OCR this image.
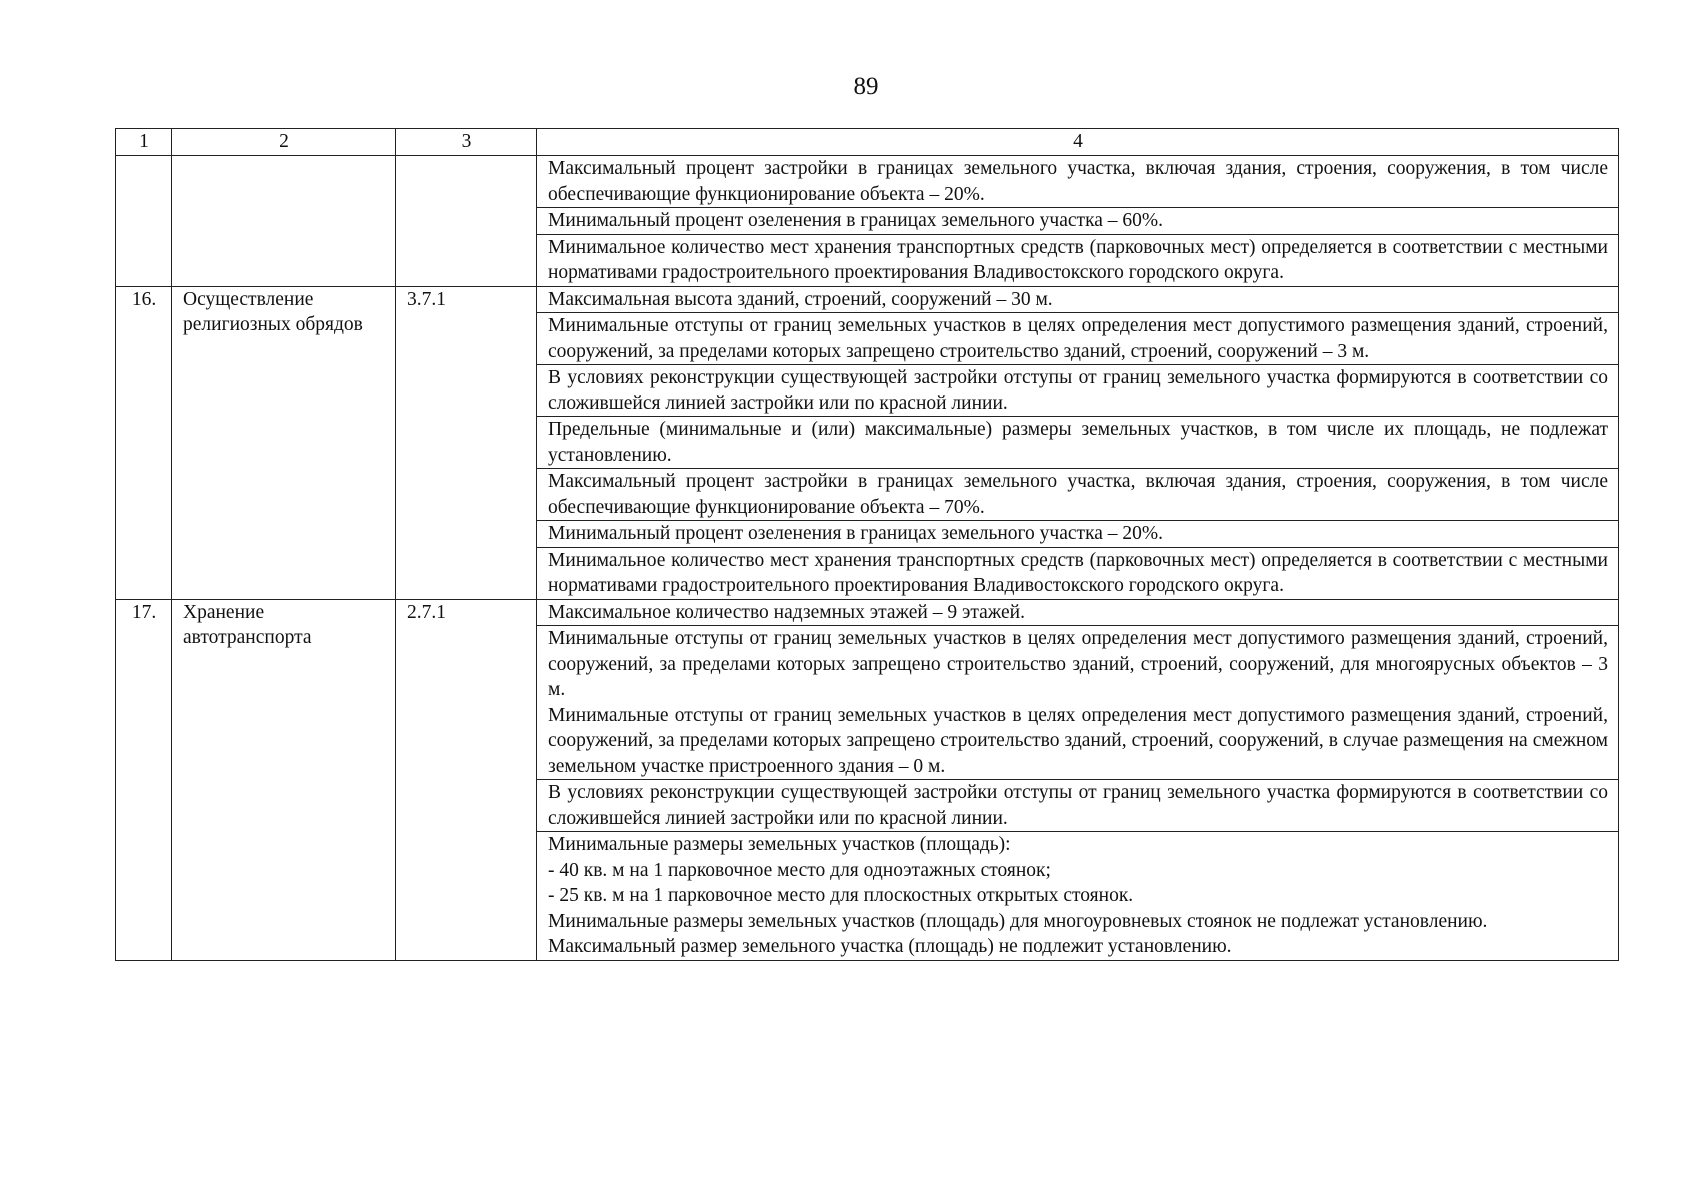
89
1	2	3	4

			Максимальный процент застройки в границах земельного участка, включая здания, строения, сооружения, в том числе обеспечивающие функционирование объекта – 20%.

			Минимальный процент озеленения в границах земельного участка – 60%.

			Минимальное количество мест хранения транспортных средств (парковочных мест) определяется в соответствии с местными нормативами градостроительного проектирования Владивостокского городского округа.

16.	Осуществление религиозных обрядов	3.7.1	Максимальная высота зданий, строений, сооружений – 30 м.

			Минимальные отступы от границ земельных участков в целях определения мест допустимого размещения зданий, строений, сооружений, за пределами которых запрещено строительство зданий, строений, сооружений – 3 м.

			В условиях реконструкции существующей застройки отступы от границ земельного участка формируются в соответствии со сложившейся линией застройки или по красной линии.

			Предельные (минимальные и (или) максимальные) размеры земельных участков, в том числе их площадь, не подлежат установлению.

			Максимальный процент застройки в границах земельного участка, включая здания, строения, сооружения, в том числе обеспечивающие функционирование объекта – 70%.

			Минимальный процент озеленения в границах земельного участка – 20%.

			Минимальное количество мест хранения транспортных средств (парковочных мест) определяется в соответствии с местными нормативами градостроительного проектирования Владивостокского городского округа.

17.	Хранение автотранспорта	2.7.1	Максимальное количество надземных этажей – 9 этажей.

			Минимальные отступы от границ земельных участков в целях определения мест допустимого размещения зданий, строений, сооружений, за пределами которых запрещено строительство зданий, строений, сооружений, для многоярусных объектов – 3 м.
Минимальные отступы от границ земельных участков в целях определения мест допустимого размещения зданий, строений, сооружений, за пределами которых запрещено строительство зданий, строений, сооружений, в случае размещения на смежном земельном участке пристроенного здания – 0 м.

			В условиях реконструкции существующей застройки отступы от границ земельного участка формируются в соответствии со сложившейся линией застройки или по красной линии.

			Минимальные размеры земельных участков (площадь):
- 40 кв. м на 1 парковочное место для одноэтажных стоянок;
- 25 кв. м на 1 парковочное место для плоскостных открытых стоянок.
Минимальные размеры земельных участков (площадь) для многоуровневых стоянок не подлежат установлению.
Максимальный размер земельного участка (площадь) не подлежит установлению.
